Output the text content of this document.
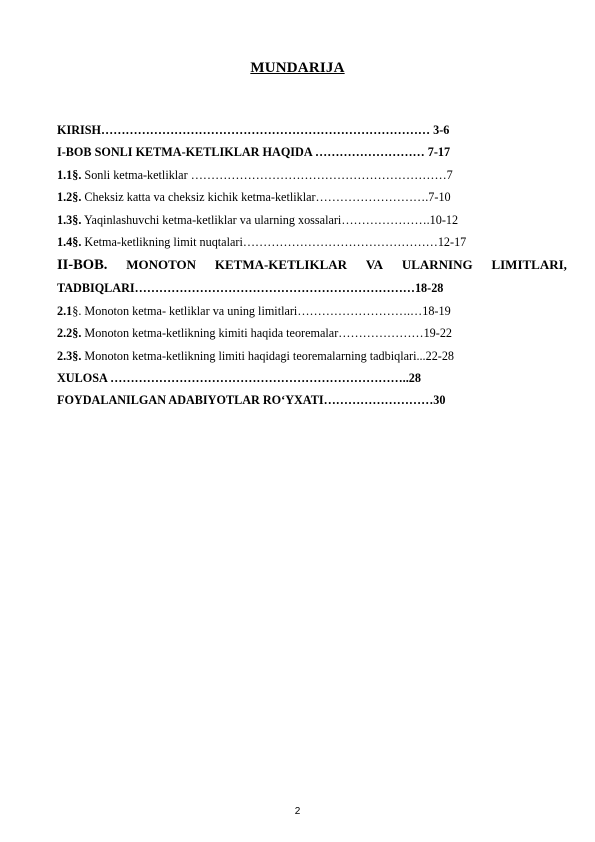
MUNDARIJA
KIRISH……………………………………………………………………… 3-6
I-BOB SONLI KETMA-KETLIKLAR HAQIDA ……………………… 7-17
1.1§. Sonli ketma-ketliklar ………………………………………………………7
1.2§. Cheksiz katta va cheksiz kichik ketma-ketliklar……………………….7-10
1.3§. Yaqinlashuvchi ketma-ketliklar va ularning xossalari………………….10-12
1.4§. Ketma-ketlikning limit nuqtalari…………………………………………12-17
II-BOB. MONOTON KETMA-KETLIKLAR VA ULARNING LIMITLARI,
TADBIQLARI……………………………………………………………18-28
2.1§. Monoton ketma- ketliklar va uning limitlari……………………….…18-19
2.2§. Monoton ketma-ketlikning kimiti haqida teoremalar…………………19-22
2.3§. Monoton ketma-ketlikning limiti haqidagi teoremalarning tadbiqlari...22-28
XULOSA ………………………………………………………………..28
FOYDALANILGAN ADABIYOTLAR RO‘YXATI………………………30
2
